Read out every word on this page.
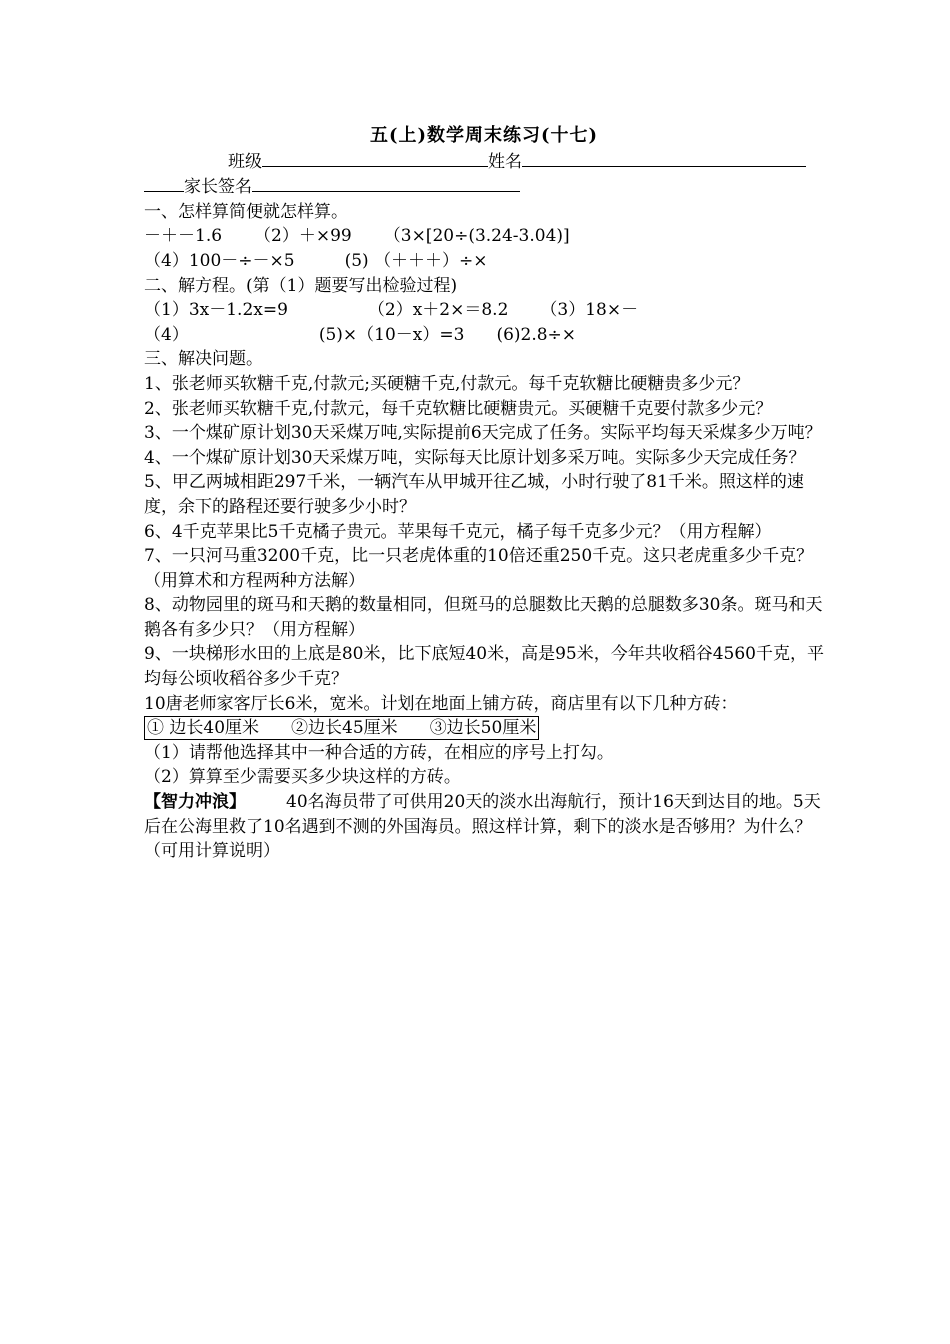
五(上)数学周末练习(十七)
班级	姓名
家长签名
一、怎样算简便就怎样算。
－＋－1.6 （2）＋×99 （3×[20÷(3.24-3.04)]
（4）100－÷－×5	(5) （＋＋＋）÷×
二、解方程。(第（1）题要写出检验过程)
（1）3x－1.2x=9	（2）x＋2×＝8.2 （3）18×－
（4）	(5)×（10－x）=3 (6)2.8÷×
三、解决问题。
1、张老师买软糖千克,付款元;买硬糖千克,付款元。每千克软糖比硬糖贵多少元？
2、张老师买软糖千克,付款元，每千克软糖比硬糖贵元。买硬糖千克要付款多少元？
3、一个煤矿原计划30天采煤万吨,实际提前6天完成了任务。实际平均每天采煤多少万吨？
4、一个煤矿原计划30天采煤万吨，实际每天比原计划多采万吨。实际多少天完成任务？
5、甲乙两城相距297千米，一辆汽车从甲城开往乙城，小时行驶了81千米。照这样的速度，余下的路程还要行驶多少小时？
6、4千克苹果比5千克橘子贵元。苹果每千克元，橘子每千克多少元？（用方程解）
7、一只河马重3200千克，比一只老虎体重的10倍还重250千克。这只老虎重多少千克？（用算术和方程两种方法解）
8、动物园里的斑马和天鹅的数量相同，但斑马的总腿数比天鹅的总腿数多30条。斑马和天鹅各有多少只？（用方程解）
9、一块梯形水田的上底是80米，比下底短40米，高是95米，今年共收稻谷4560千克，平均每公顷收稻谷多少千克？
10唐老师家客厅长6米，宽米。计划在地面上铺方砖，商店里有以下几种方砖：
① 边长40厘米 ②边长45厘米 ③边长50厘米
（1）请帮他选择其中一种合适的方砖，在相应的序号上打勾。
（2）算算至少需要买多少块这样的方砖。
【智力冲浪】 40名海员带了可供用20天的淡水出海航行，预计16天到达目的地。5天后在公海里救了10名遇到不测的外国海员。照这样计算，剩下的淡水是否够用？为什么？（可用计算说明）
